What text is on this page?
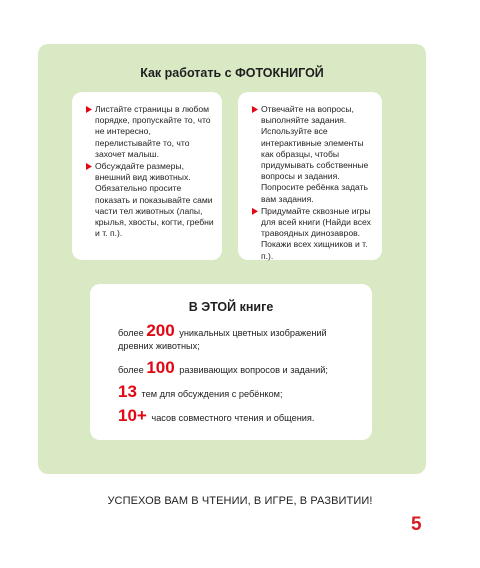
Как работать с ФОТОКНИГОЙ
Листайте страницы в любом порядке, пропускайте то, что не интересно, перелистывайте то, что захочет малыш.
Обсуждайте размеры, внешний вид животных. Обязательно просите показать и показывайте сами части тел животных (лапы, крылья, хвосты, когти, гребни и т. п.).
Отвечайте на вопросы, выполняйте задания. Используйте все интерактивные элементы как образцы, чтобы придумывать собственные вопросы и задания. Попросите ребёнка задать вам задания.
Придумайте сквозные игры для всей книги (Найди всех травоядных динозавров. Покажи всех хищников и т. п.).
В ЭТОЙ книге
более 200 уникальных цветных изображений древних животных;
более 100 развивающих вопросов и заданий;
13 тем для обсуждения с ребёнком;
10+ часов совместного чтения и общения.
УСПЕХОВ ВАМ В ЧТЕНИИ, В ИГРЕ, В РАЗВИТИИ!
5
